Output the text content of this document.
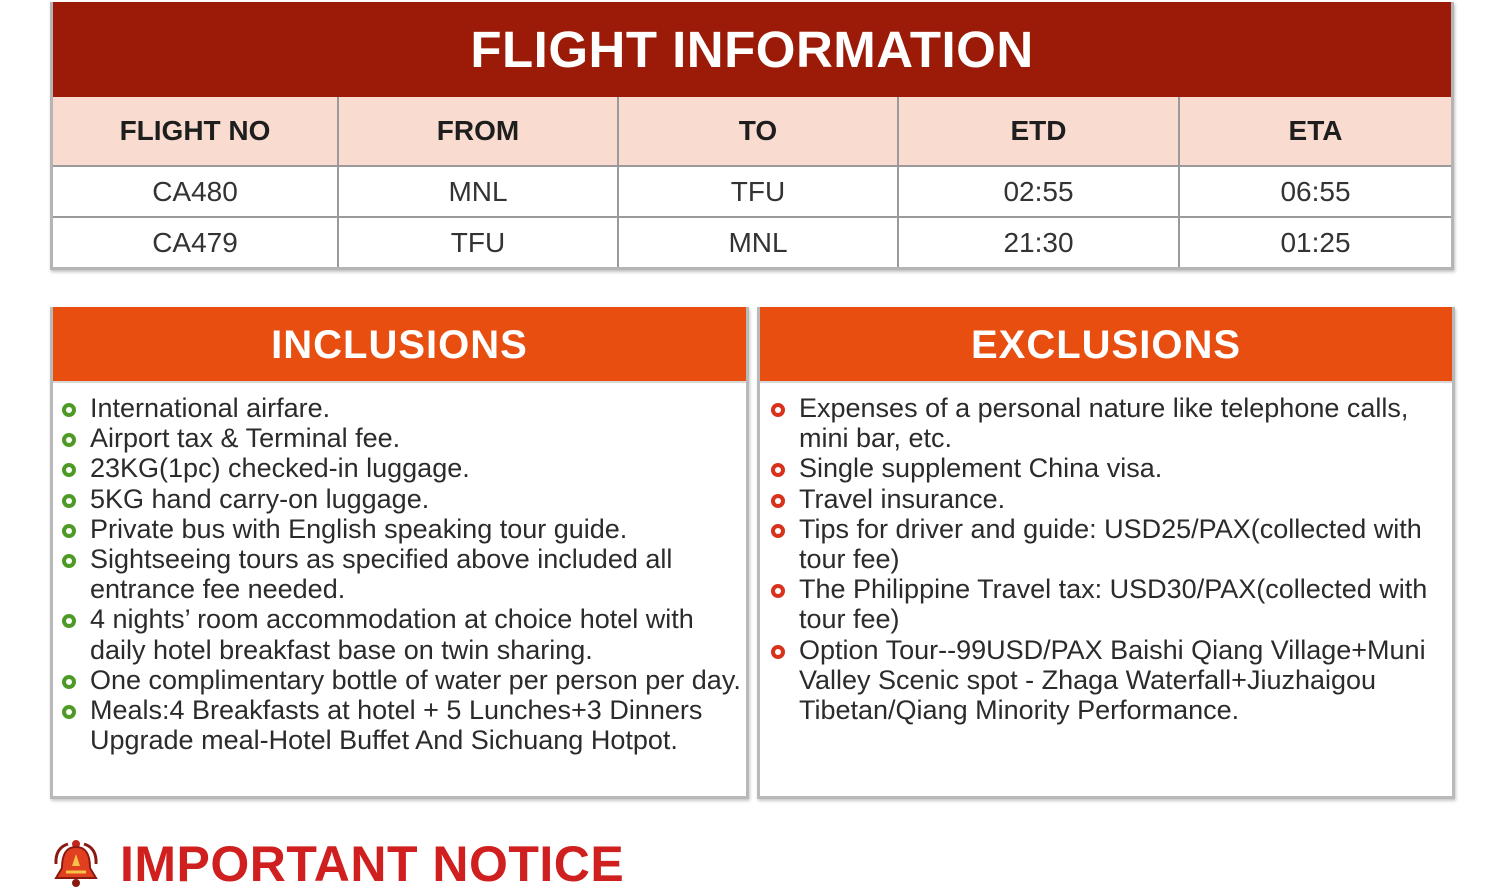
FLIGHT INFORMATION
FLIGHT NO	FROM	TO	ETD	ETA
CA480	MNL	TFU	02:55	06:55
CA479	TFU	MNL	21:30	01:25
INCLUSIONS
International airfare.
Airport tax & Terminal fee.
23KG(1pc) checked-in luggage.
5KG hand carry-on luggage.
Private bus with English speaking tour guide.
Sightseeing tours as specified above included all entrance fee needed.
4 nights’ room accommodation at choice hotel with daily hotel breakfast base on twin sharing.
One complimentary bottle of water per person per day.
Meals:4 Breakfasts at hotel + 5 Lunches+3 Dinners Upgrade meal-Hotel Buffet And Sichuang Hotpot.
EXCLUSIONS
Expenses of a personal nature like telephone calls, mini bar, etc.
Single supplement China visa.
Travel insurance.
Tips for driver and guide: USD25/PAX(collected with tour fee)
The Philippine Travel tax: USD30/PAX(collected with tour fee)
Option Tour--99USD/PAX Baishi Qiang Village+Muni Valley Scenic spot - Zhaga Waterfall+Jiuzhaigou Tibetan/Qiang Minority Performance.
IMPORTANT NOTICE
